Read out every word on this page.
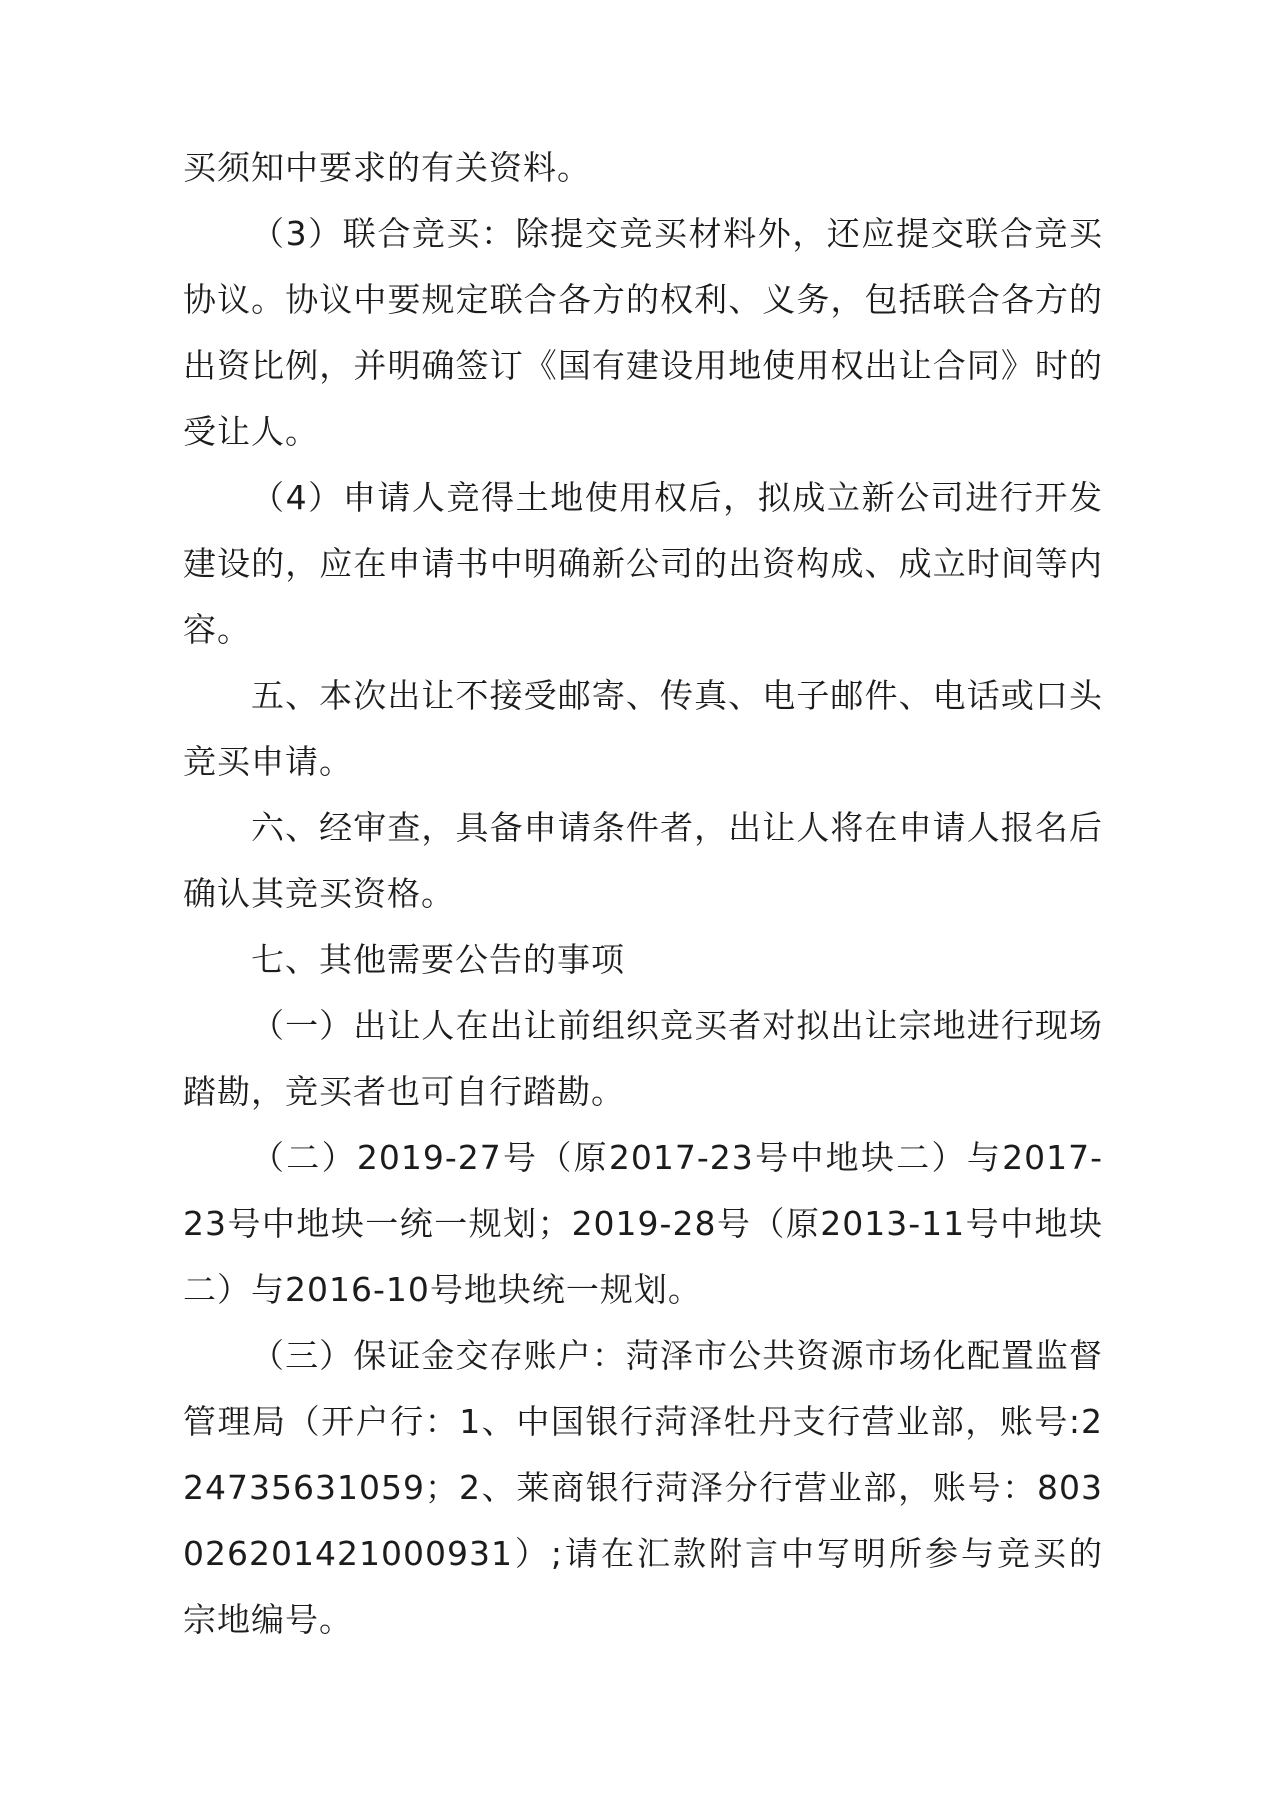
买须知中要求的有关资料。

（3）联合竞买：除提交竞买材料外，还应提交联合竞买协议。协议中要规定联合各方的权利、义务，包括联合各方的出资比例，并明确签订《国有建设用地使用权出让合同》时的受让人。

（4）申请人竞得土地使用权后，拟成立新公司进行开发建设的，应在申请书中明确新公司的出资构成、成立时间等内容。

五、本次出让不接受邮寄、传真、电子邮件、电话或口头竞买申请。

六、经审查，具备申请条件者，出让人将在申请人报名后确认其竞买资格。

七、其他需要公告的事项

（一）出让人在出让前组织竞买者对拟出让宗地进行现场踏勘，竞买者也可自行踏勘。

（二）2019-27号（原2017-23号中地块二）与2017-23号中地块一统一规划；2019-28号（原2013-11号中地块二）与2016-10号地块统一规划。

（三）保证金交存账户：菏泽市公共资源市场化配置监督管理局（开户行：1、中国银行菏泽牡丹支行营业部，账号:224735631059；2、莱商银行菏泽分行营业部，账号：803026201421000931）;请在汇款附言中写明所参与竞买的宗地编号。
